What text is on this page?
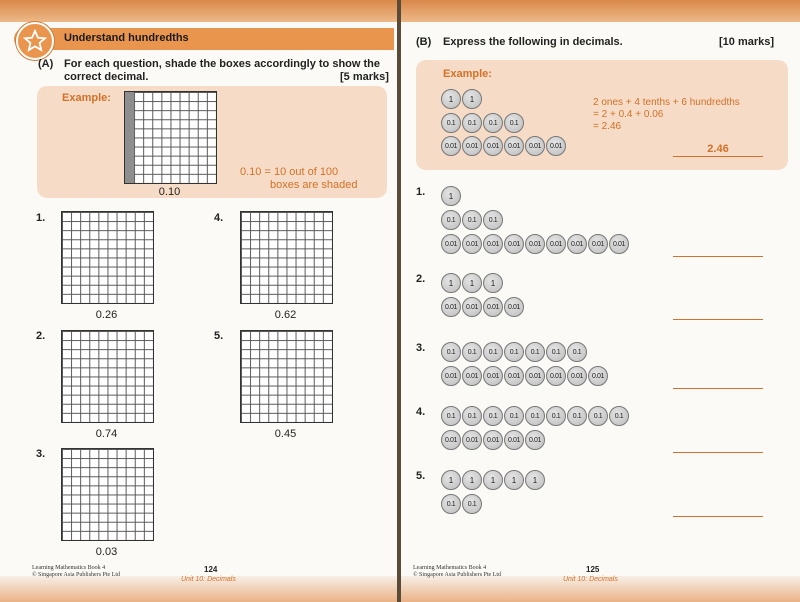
Understand hundredths
(A) For each question, shade the boxes accordingly to show the
correct decimal.	[5 marks]
Example:
0.10
0.10 = 10 out of 100
boxes are shaded
1.
0.26
2.
0.74
3.
0.03
4.
0.62
5.
0.45
Learning Mathematics Book 4
© Singapore Asia Publishers Pte Ltd
124
Unit 10: Decimals
(B) Express the following in decimals.	[10 marks]
Example:
1	1
0.1	0.1	0.1	0.1
0.01	0.01	0.01	0.01	0.01	0.01
2 ones + 4 tenths + 6 hundredths
= 2 + 0.4 + 0.06
= 2.46
2.46
1.	1
0.1	0.1	0.1
0.01	0.01	0.01	0.01	0.01	0.01	0.01	0.01	0.01
2.	1	1	1
0.01	0.01	0.01	0.01
3.	0.1	0.1	0.1	0.1	0.1	0.1	0.1
0.01	0.01	0.01	0.01	0.01	0.01	0.01	0.01
4.	0.1	0.1	0.1	0.1	0.1	0.1	0.1	0.1	0.1
0.01	0.01	0.01	0.01	0.01
5.	1	1	1	1	1
0.1	0.1
Learning Mathematics Book 4
© Singapore Asia Publishers Pte Ltd
125
Unit 10: Decimals
